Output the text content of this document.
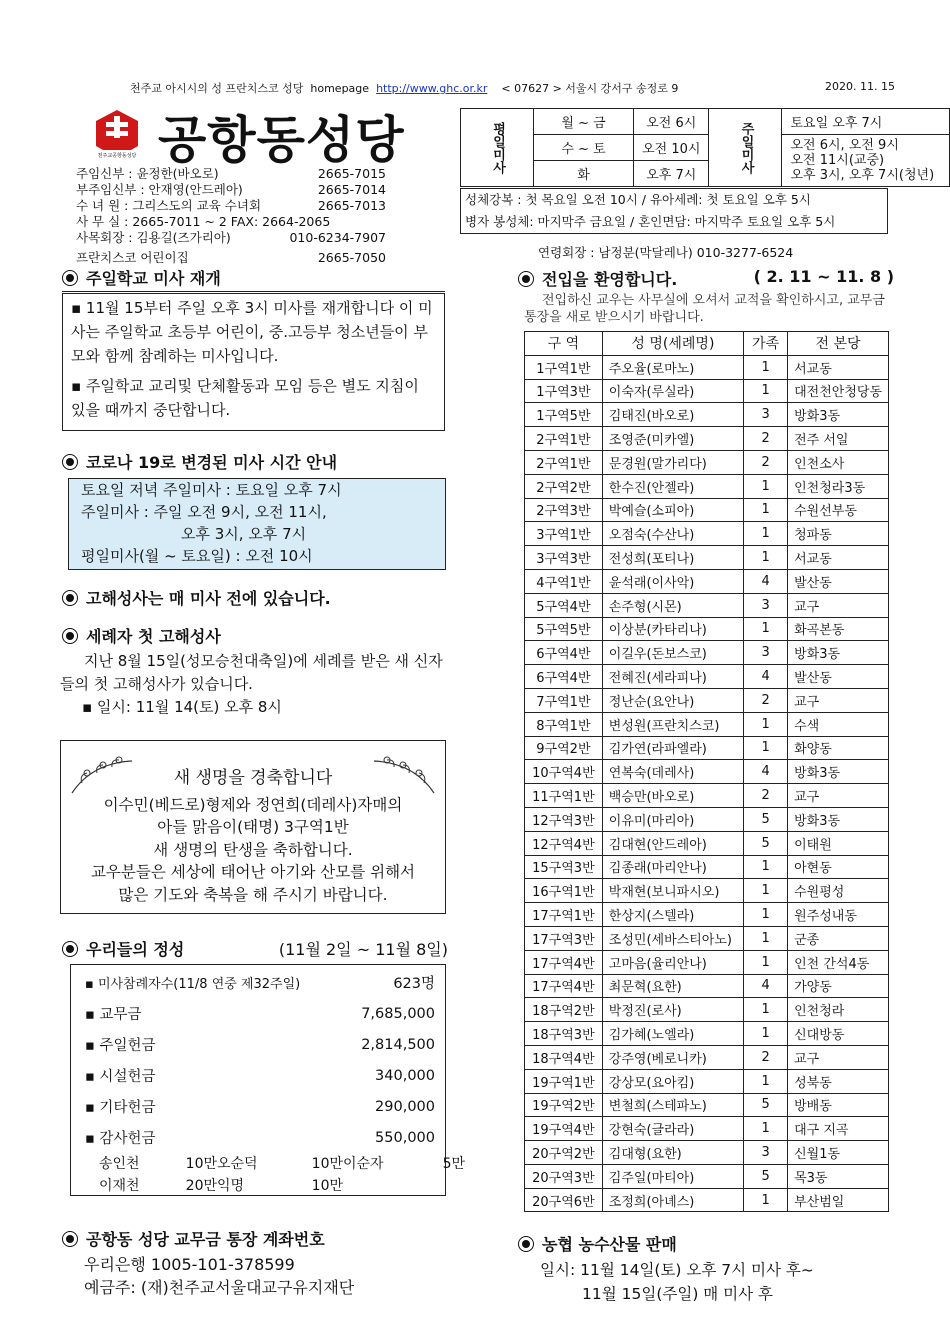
천주교 아시시의 성 프란치스코 성당 homepage http://www.ghc.or.kr < 07627 > 서울시 강서구 송정로 9	2020. 11. 15
천주교공항동성당 공항동성당
주임신부 : 윤정한(바오로)	2665-7015
부주임신부 : 안재영(안드레아)	2665-7014
수 녀 원 : 그리스도의 교육 수녀회	2665-7013
사 무 실 : 2665-7011 ~ 2 FAX: 2664-2065
사목회장 : 김용길(즈가리아)	010-6234-7907
프란치스코 어린이집	2665-7050
평일미사	월 ~ 금	오전 6시	주일미사	토요일 오후 7시
	수 ~ 토	오전 10시		오전 6시, 오전 9시
오전 11시(교중)
오후 3시, 오후 7시(청년)

	화	오후 7시		
성체강복 : 첫 목요일 오전 10시 / 유아세례: 첫 토요일 오후 5시
병자 봉성체: 마지막주 금요일 / 혼인면담: 마지막주 토요일 오후 5시
연령회장 : 남정분(막달레나) 010-3277-6524
주일학교 미사 재개

▪ 11월 15부터 주일 오후 3시 미사를 재개합니다 이 미사는 주일학교 초등부 어린이, 중.고등부 청소년들이 부모와 함께 참례하는 미사입니다.

▪ 주일학교 교리및 단체활동과 모임 등은 별도 지침이 있을 때까지 중단합니다.

코로나 19로 변경된 미사 시간 안내
토요일 저녁 주일미사 : 토요일 오후 7시
주일미사 : 주일 오전 9시, 오전 11시,
오후 3시, 오후 7시
평일미사(월 ~ 토요일) : 오전 10시
고해성사는 매 미사 전에 있습니다.
세례자 첫 고해성사
지난 8월 15일(성모승천대축일)에 세례를 받은 새 신자들의 첫 고해성사가 있습니다.
▪ 일시: 11월 14(토) 오후 8시
새 생명을 경축합니다
이수민(베드로)형제와 정연희(데레사)자매의
아들 맑음이(태명) 3구역1반
새 생명의 탄생을 축하합니다.
교우분들은 세상에 태어난 아기와 산모를 위해서
많은 기도와 축복을 해 주시기 바랍니다.
우리들의 정성	(11월 2일 ~ 11월 8일)
▪ 미사참례자수(11/8 연중 제32주일)	623명
▪ 교무금	7,685,000
▪ 주일헌금	2,814,500
▪ 시설헌금	340,000
▪ 기타헌금	290,000
▪ 감사헌금	550,000
송인천	10만 오순덕	10만 이순자	5만
이재천	20만 익명	10만
공항동 성당 교무금 통장 계좌번호
우리은행 1005-101-378599
예금주: (재)천주교서울대교구유지재단
전입을 환영합니다.	( 2. 11 ~ 11. 8 )
전입하신 교우는 사무실에 오셔서 교적을 확인하시고, 교무금 통장을 새로 받으시기 바랍니다.
구 역	성 명(세례명)	가족	전 본당
1구역1반	주오율(로마노)	1	서교동
1구역3반	이숙자(루실라)	1	대전천안청당동
1구역5반	김태진(바오로)	3	방화3동
2구역1반	조영준(미카엘)	2	전주 서일
2구역1반	문경원(말가리다)	2	인천소사
2구역2반	한수진(안젤라)	1	인천청라3동
2구역3반	박예슬(소피아)	1	수원선부동
3구역1반	오점숙(수산나)	1	청파동
3구역3반	전성희(포티나)	1	서교동
4구역1반	윤석래(이사악)	4	발산동
5구역4반	손주형(시몬)	3	교구
5구역5반	이상분(카타리나)	1	화곡본동
6구역4반	이길우(돈보스코)	3	방화3동
6구역4반	전혜진(세라피나)	4	발산동
7구역1반	정난순(요안나)	2	교구
8구역1반	변성원(프란치스코)	1	수색
9구역2반	김가연(라파엘라)	1	화양동
10구역4반	연복숙(데레사)	4	방화3동
11구역1반	백승만(바오로)	2	교구
12구역3반	이유미(마리아)	5	방화3동
12구역4반	김대현(안드레아)	5	이태원
15구역3반	김종래(마리안나)	1	아현동
16구역1반	박재현(보니파시오)	1	수원평성
17구역1반	한상지(스텔라)	1	원주성내동
17구역3반	조성민(세바스티아노)	1	군종
17구역4반	고마음(율리안나)	1	인천 간석4동
17구역4반	최문혁(요한)	4	가양동
18구역2반	박정진(로사)	1	인천청라
18구역3반	김가혜(노엘라)	1	신대방동
18구역4반	강주영(베로니카)	2	교구
19구역1반	강상모(요아킴)	1	성북동
19구역2반	변철희(스테파노)	5	방배동
19구역4반	강현숙(글라라)	1	대구 지곡
20구역2반	김대형(요한)	3	신월1동
20구역3반	김주일(마티아)	5	목3동
20구역6반	조정희(아녜스)	1	부산범일
농협 농수산물 판매
일시: 11월 14일(토) 오후 7시 미사 후~
11월 15일(주일) 매 미사 후
